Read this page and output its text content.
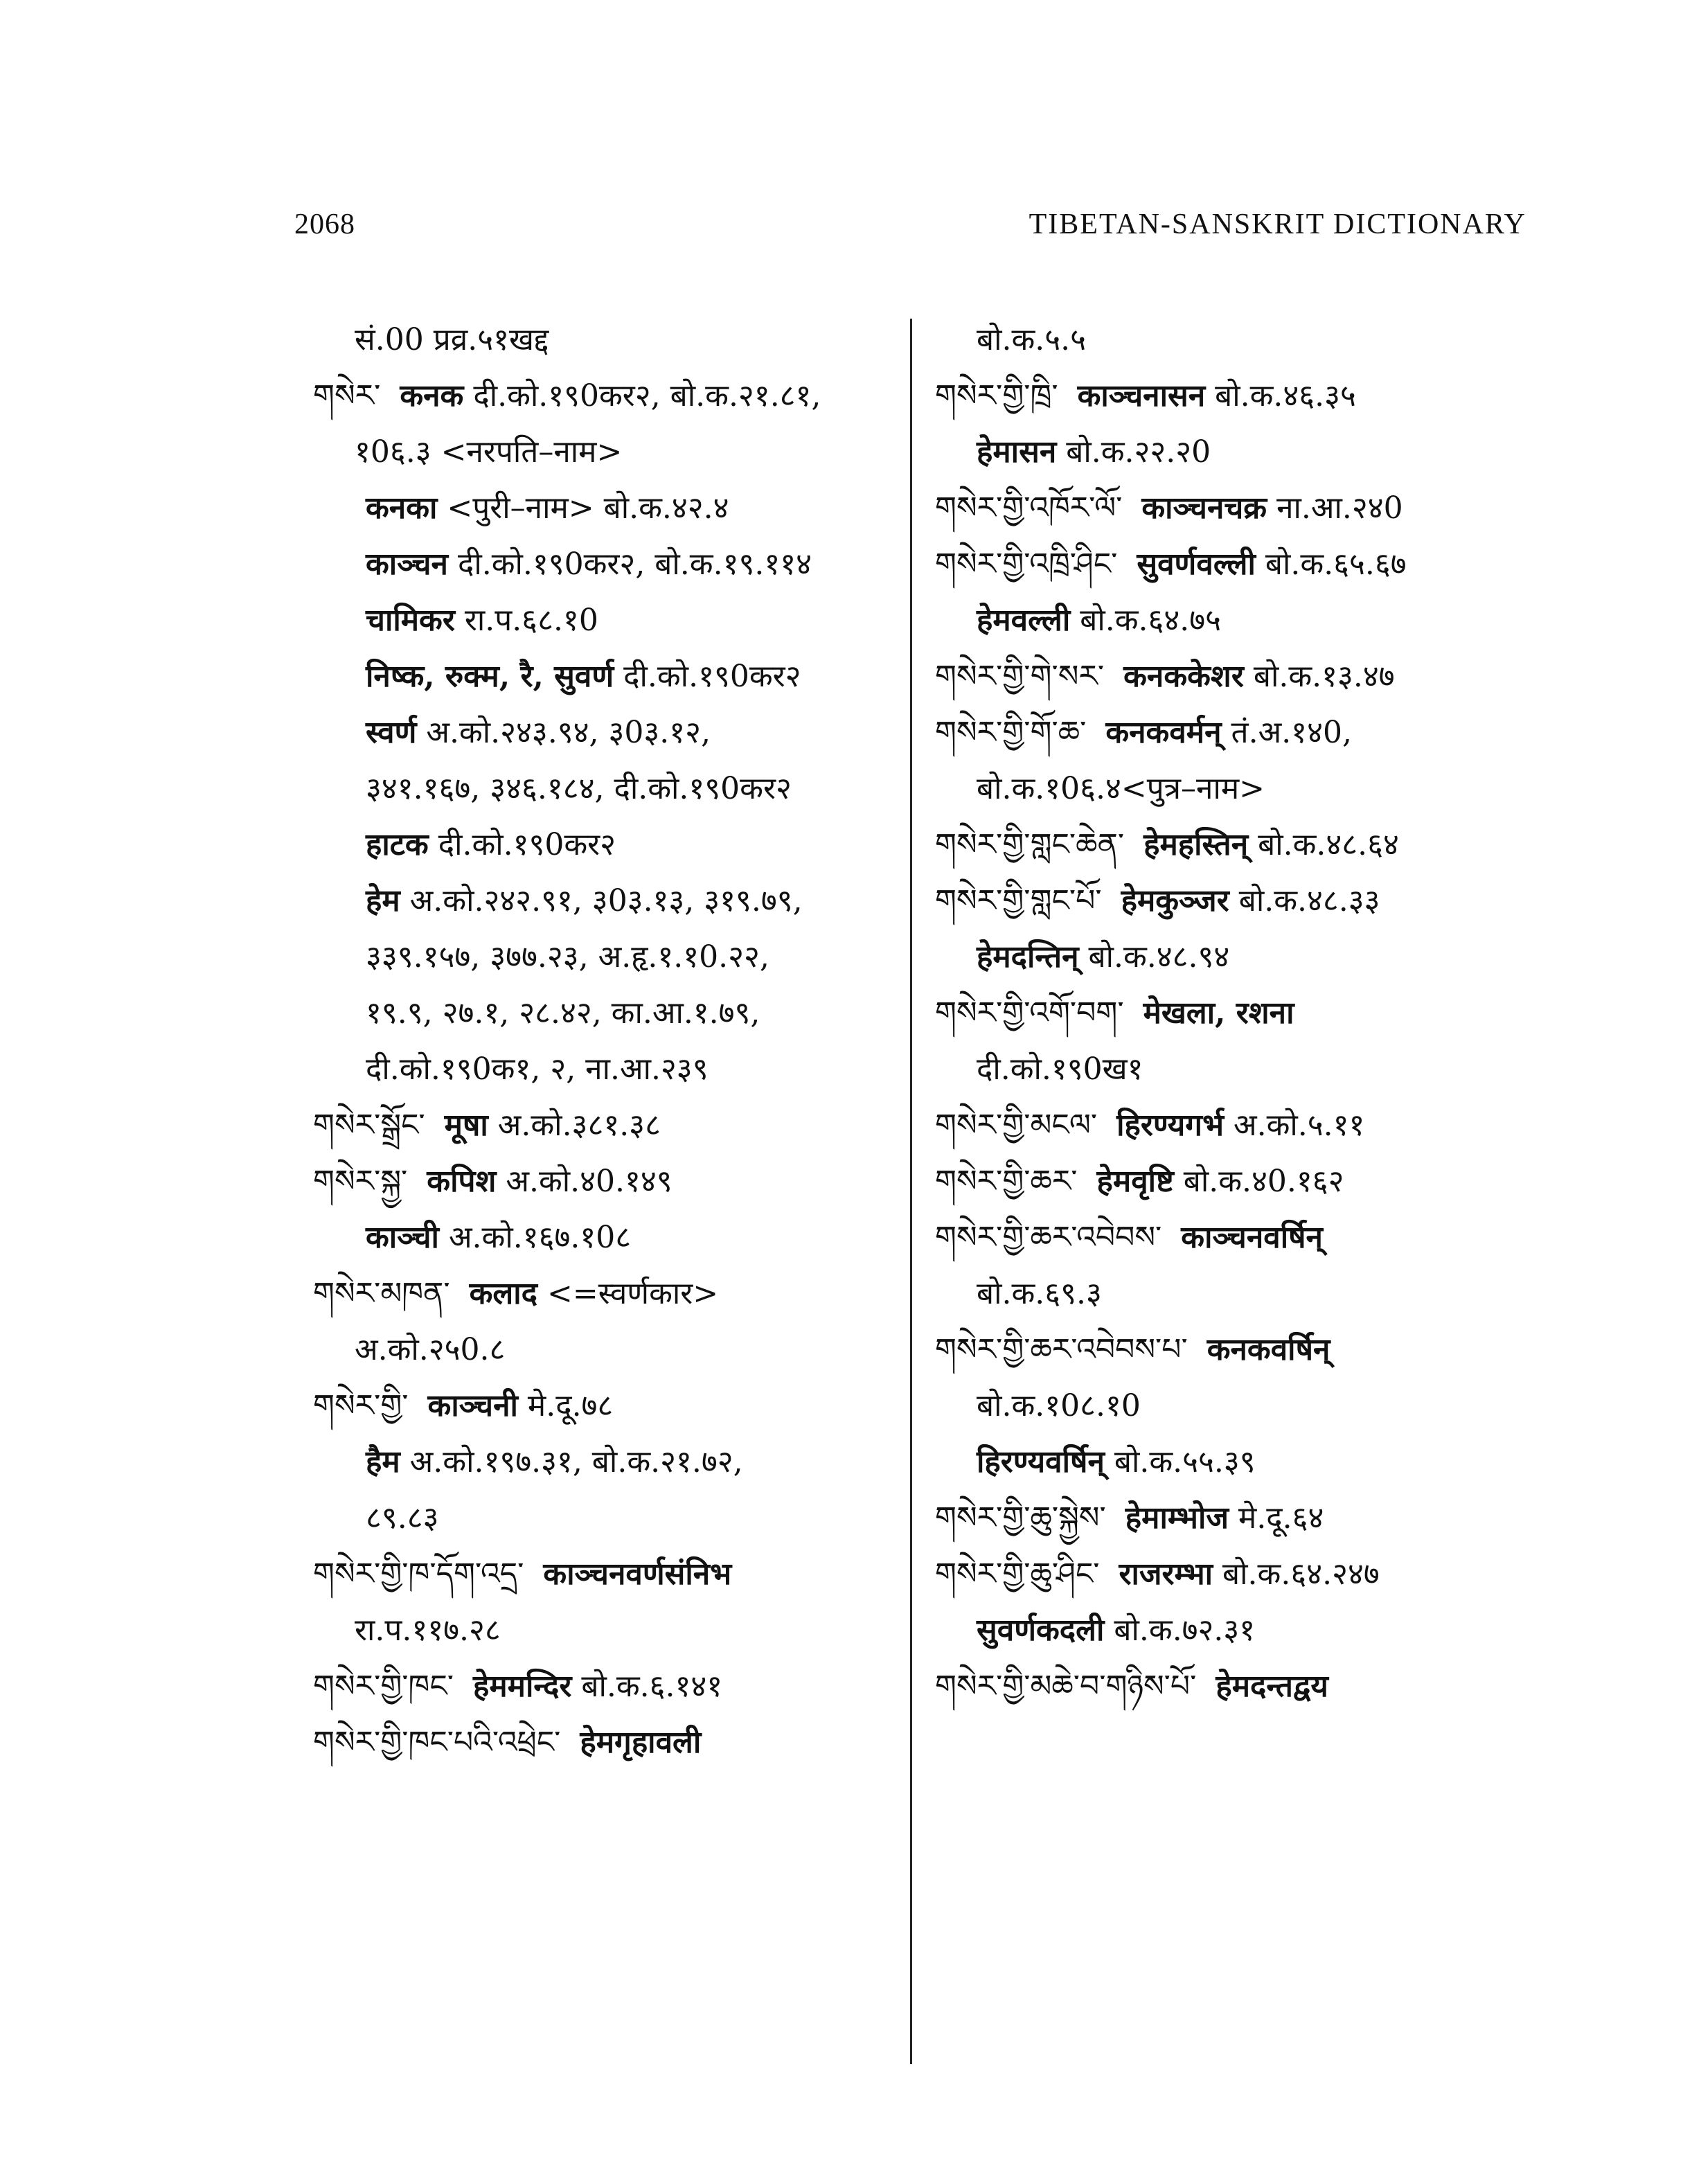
2068	TIBETAN-SANSKRIT DICTIONARY
सं.00 प्रव्र.५१खद्द
གསེར་ कनक दी.को.१९0कर२, बो.क.२१.८१,
१0६.३ <नरपति–नाम>
कनका <पुरी–नाम> बो.क.४२.४
काञ्चन दी.को.१९0कर२, बो.क.१९.११४
चामिकर रा.प.६८.१0
निष्क, रुक्म, रै, सुवर्ण दी.को.१९0कर२
स्वर्ण अ.को.२४३.९४, ३0३.१२,
३४१.१६७, ३४६.१८४, दी.को.१९0कर२
हाटक दी.को.१९0कर२
हेम अ.को.२४२.९१, ३0३.१३, ३१९.७९,
३३९.१५७, ३७७.२३, अ.हृ.१.१0.२२,
१९.९, २७.१, २८.४२, का.आ.१.७९,
दी.को.१९0क१, २, ना.आ.२३९
གསེར་སྒྲོང་ मूषा अ.को.३८१.३८
གསེར་སྐྱ་ कपिश अ.को.४0.१४९
काञ्ची अ.को.१६७.१0८
གསེར་མཁན་ कलाद <=स्वर्णकार>
अ.को.२५0.८
གསེར་གྱི་ काञ्चनी मे.दू.७८
हैम अ.को.१९७.३१, बो.क.२१.७२,
८९.८३
གསེར་གྱི་ཁ་དོག་འདྲ་ काञ्चनवर्णसंनिभ
रा.प.११७.२८
གསེར་གྱི་ཁང་ हेममन्दिर बो.क.६.१४१
གསེར་གྱི་ཁང་པའི་འཕྲེང་ हेमगृहावली
बो.क.५.५
གསེར་གྱི་ཁྲི་ काञ्चनासन बो.क.४६.३५
हेमासन बो.क.२२.२0
གསེར་གྱི་འཁོར་ལོ་ काञ्चनचक्र ना.आ.२४0
གསེར་གྱི་འཁྲི་ཤིང་ सुवर्णवल्ली बो.क.६५.६७
हेमवल्ली बो.क.६४.७५
གསེར་གྱི་གེ་སར་ कनककेशर बो.क.१३.४७
གསེར་གྱི་གོ་ཆ་ कनकवर्मन् तं.अ.१४0,
बो.क.१0६.४<पुत्र–नाम>
གསེར་གྱི་གླང་ཆེན་ हेमहस्तिन् बो.क.४८.६४
གསེར་གྱི་གླང་པོ་ हेमकुञ्जर बो.क.४८.३३
हेमदन्तिन् बो.क.४८.९४
གསེར་གྱི་འགོ་བག་ मेखला, रशना
दी.को.१९0ख१
གསེར་གྱི་མངལ་ हिरण्यगर्भ अ.को.५.११
གསེར་གྱི་ཆར་ हेमवृष्टि बो.क.४0.१६२
གསེར་གྱི་ཆར་འབེབས་ काञ्चनवर्षिन्
बो.क.६९.३
གསེར་གྱི་ཆར་འབེབས་པ་ कनकवर्षिन्
बो.क.१0८.१0
हिरण्यवर्षिन् बो.क.५५.३९
གསེར་གྱི་ཆུ་སྐྱེས་ हेमाम्भोज मे.दू.६४
གསེར་གྱི་ཆུ་ཤིང་ राजरम्भा बो.क.६४.२४७
सुवर्णकदली बो.क.७२.३१
གསེར་གྱི་མཆེ་བ་གཉིས་པོ་ हेमदन्तद्वय
